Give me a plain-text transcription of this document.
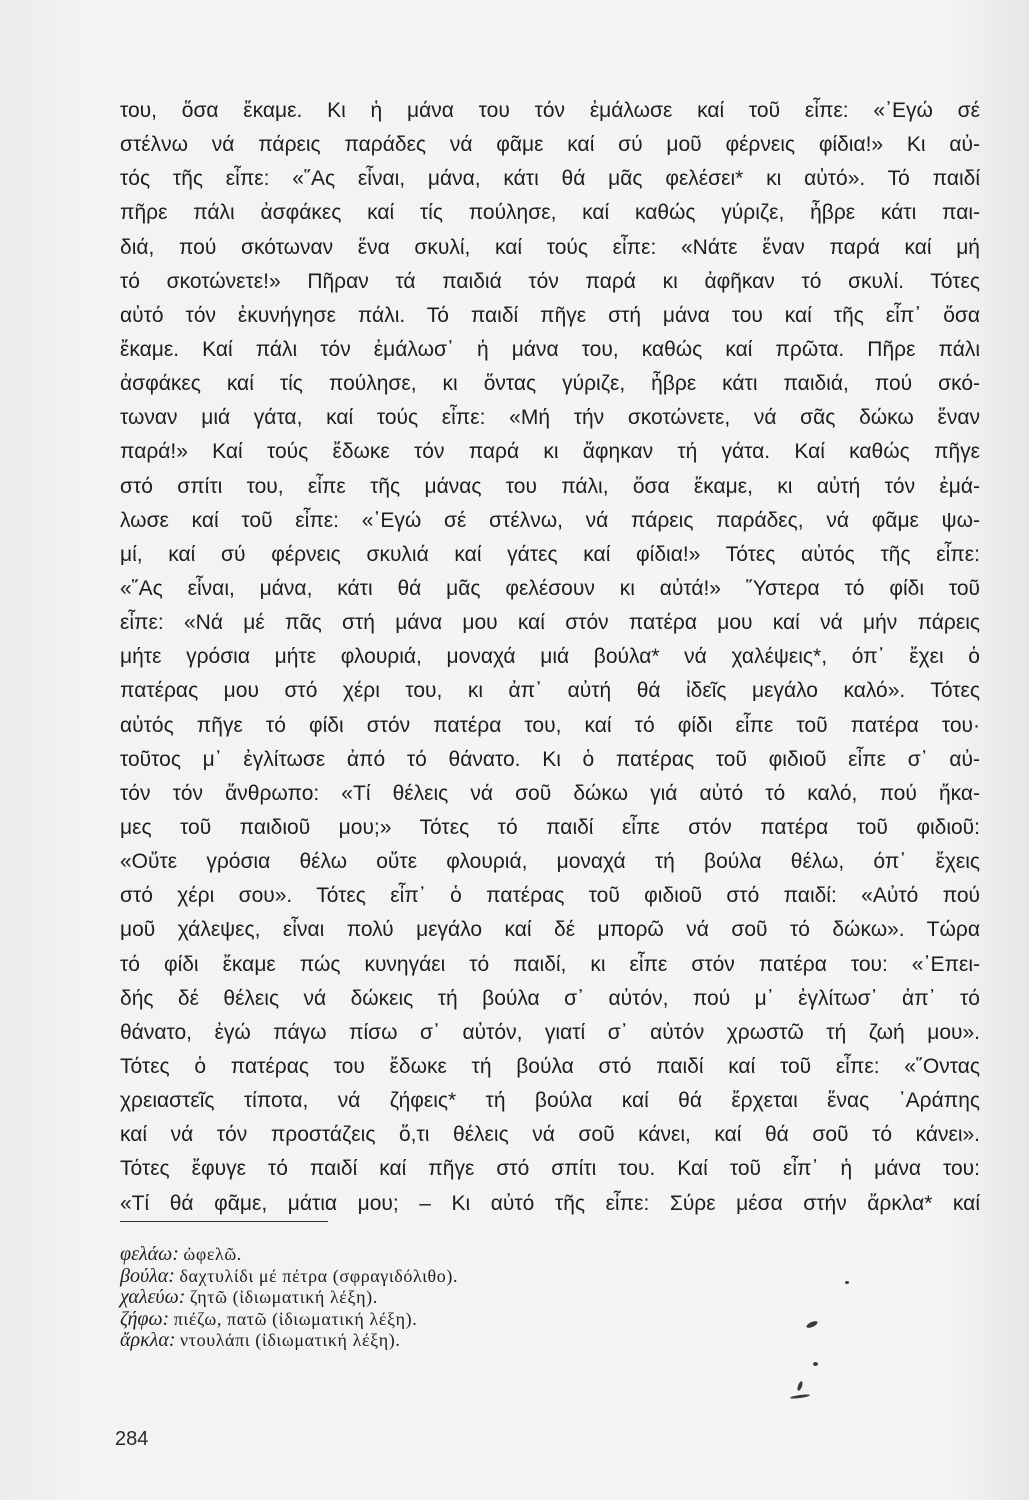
του, ὅσα ἔκαμε. Κι ἡ μάνα του τόν ἐμάλωσε καί τοῦ εἶπε: «᾽Εγώ σέ
στέλνω νά πάρεις παράδες νά φᾶμε καί σύ μοῦ φέρνεις φίδια!» Κι αὐ-
τός τῆς εἶπε: «῞Ας εἶναι, μάνα, κάτι θά μᾶς φελέσει* κι αὐτό». Τό παιδί
πῆρε πάλι ἀσφάκες καί τίς πούλησε, καί καθώς γύριζε, ἦβρε κάτι παι-
διά, πού σκότωναν ἕνα σκυλί, καί τούς εἶπε: «Νάτε ἕναν παρά καί μή
τό σκοτώνετε!» Πῆραν τά παιδιά τόν παρά κι ἀφῆκαν τό σκυλί. Τότες
αὐτό τόν ἐκυνήγησε πάλι. Τό παιδί πῆγε στή μάνα του καί τῆς εἶπ᾽ ὅσα
ἔκαμε. Καί πάλι τόν ἐμάλωσ᾽ ἡ μάνα του, καθώς καί πρῶτα. Πῆρε πάλι
ἀσφάκες καί τίς πούλησε, κι ὅντας γύριζε, ἦβρε κάτι παιδιά, πού σκό-
τωναν μιά γάτα, καί τούς εἶπε: «Μή τήν σκοτώνετε, νά σᾶς δώκω ἕναν
παρά!» Καί τούς ἔδωκε τόν παρά κι ἄφηκαν τή γάτα. Καί καθώς πῆγε
στό σπίτι του, εἶπε τῆς μάνας του πάλι, ὅσα ἔκαμε, κι αὐτή τόν ἐμά-
λωσε καί τοῦ εἶπε: «᾽Εγώ σέ στέλνω, νά πάρεις παράδες, νά φᾶμε ψω-
μί, καί σύ φέρνεις σκυλιά καί γάτες καί φίδια!» Τότες αὐτός τῆς εἶπε:
«῞Ας εἶναι, μάνα, κάτι θά μᾶς φελέσουν κι αὐτά!» ῞Υστερα τό φίδι τοῦ
εἶπε: «Νά μέ πᾶς στή μάνα μου καί στόν πατέρα μου καί νά μήν πάρεις
μήτε γρόσια μήτε φλουριά, μοναχά μιά βούλα* νά χαλέψεις*, όπ᾽ ἔχει ὁ
πατέρας μου στό χέρι του, κι ἀπ᾽ αὐτή θά ἰδεῖς μεγάλο καλό». Τότες
αὐτός πῆγε τό φίδι στόν πατέρα του, καί τό φίδι εἶπε τοῦ πατέρα του·
τοῦτος μ᾽ ἐγλίτωσε ἀπό τό θάνατο. Κι ὁ πατέρας τοῦ φιδιοῦ εἶπε σ᾽ αὐ-
τόν τόν ἄνθρωπο: «Τί θέλεις νά σοῦ δώκω γιά αὐτό τό καλό, πού ἤκα-
μες τοῦ παιδιοῦ μου;» Τότες τό παιδί εἶπε στόν πατέρα τοῦ φιδιοῦ:
«Οὔτε γρόσια θέλω οὔτε φλουριά, μοναχά τή βούλα θέλω, όπ᾽ ἔχεις
στό χέρι σου». Τότες εἶπ᾽ ὁ πατέρας τοῦ φιδιοῦ στό παιδί: «Αὐτό πού
μοῦ χάλεψες, εἶναι πολύ μεγάλο καί δέ μπορῶ νά σοῦ τό δώκω». Τώρα
τό φίδι ἔκαμε πώς κυνηγάει τό παιδί, κι εἶπε στόν πατέρα του: «᾽Επει-
δής δέ θέλεις νά δώκεις τή βούλα σ᾽ αὐτόν, πού μ᾽ ἐγλίτωσ᾽ ἀπ᾽ τό
θάνατο, ἐγώ πάγω πίσω σ᾽ αὐτόν, γιατί σ᾽ αὐτόν χρωστῶ τή ζωή μου».
Τότες ὁ πατέρας του ἔδωκε τή βούλα στό παιδί καί τοῦ εἶπε: «῞Οντας
χρειαστεῖς τίποτα, νά ζήφεις* τή βούλα καί θά ἔρχεται ἕνας ᾽Αράπης
καί νά τόν προστάζεις ὅ,τι θέλεις νά σοῦ κάνει, καί θά σοῦ τό κάνει».
Τότες ἔφυγε τό παιδί καί πῆγε στό σπίτι του. Καί τοῦ εἶπ᾽ ἡ μάνα του:
«Τί θά φᾶμε, μάτια μου; – Κι αὐτό τῆς εἶπε: Σύρε μέσα στήν ἄρκλα* καί
φελάω: ὠφελῶ.
βούλα: δαχτυλίδι μέ πέτρα (σφραγιδόλιθο).
χαλεύω: ζητῶ (ἰδιωματική λέξη).
ζήφω: πιέζω, πατῶ (ἰδιωματική λέξη).
ἄρκλα: ντουλάπι (ἰδιωματική λέξη).
284
